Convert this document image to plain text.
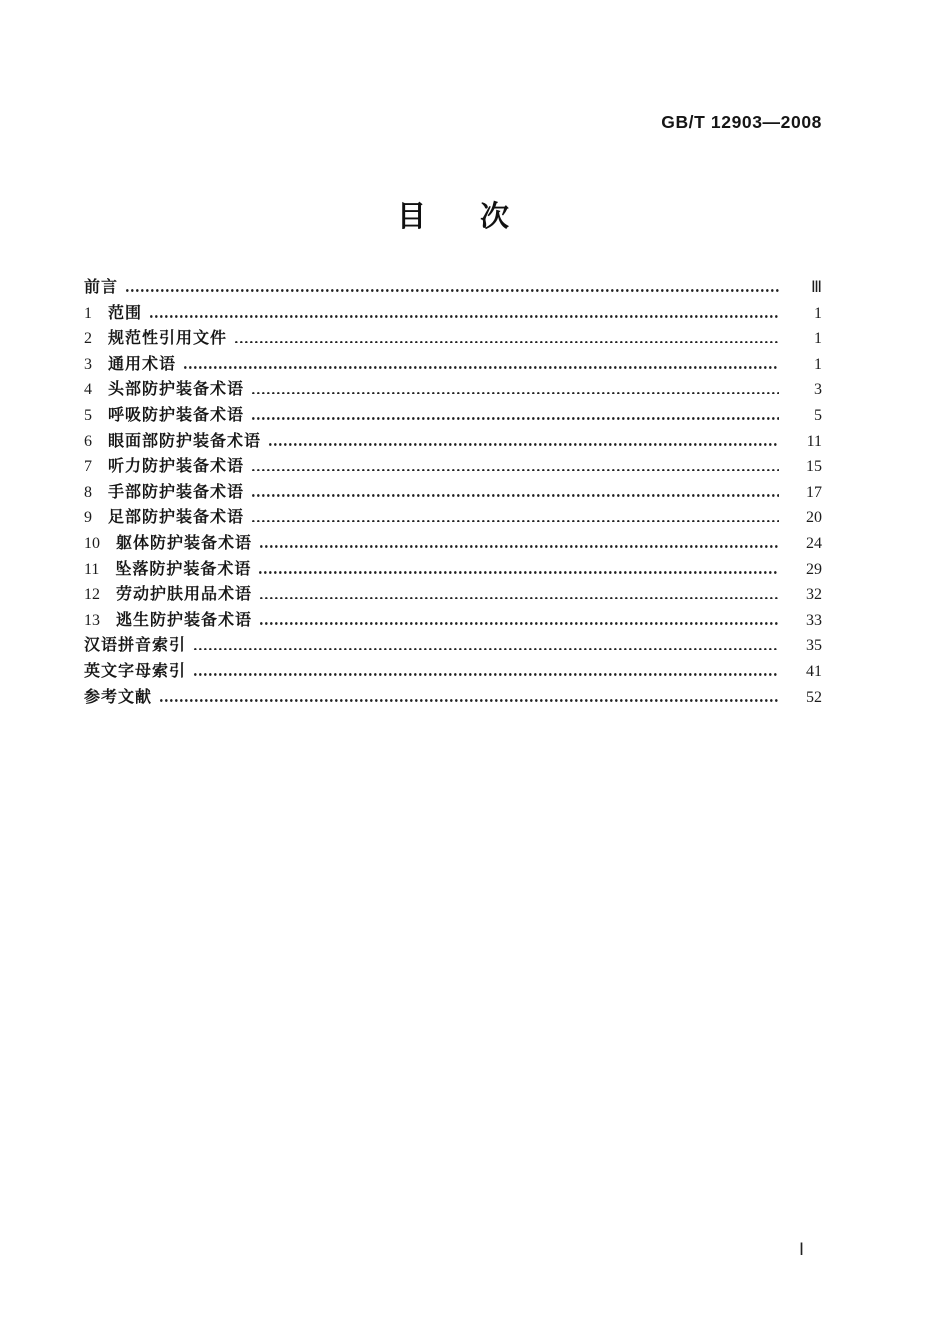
GB/T 12903—2008
目 次
前言	Ⅲ
1 范围	1
2 规范性引用文件	1
3 通用术语	1
4 头部防护装备术语	3
5 呼吸防护装备术语	5
6 眼面部防护装备术语	11
7 听力防护装备术语	15
8 手部防护装备术语	17
9 足部防护装备术语	20
10 躯体防护装备术语	24
11 坠落防护装备术语	29
12 劳动护肤用品术语	32
13 逃生防护装备术语	33
汉语拼音索引	35
英文字母索引	41
参考文献	52
Ⅰ
